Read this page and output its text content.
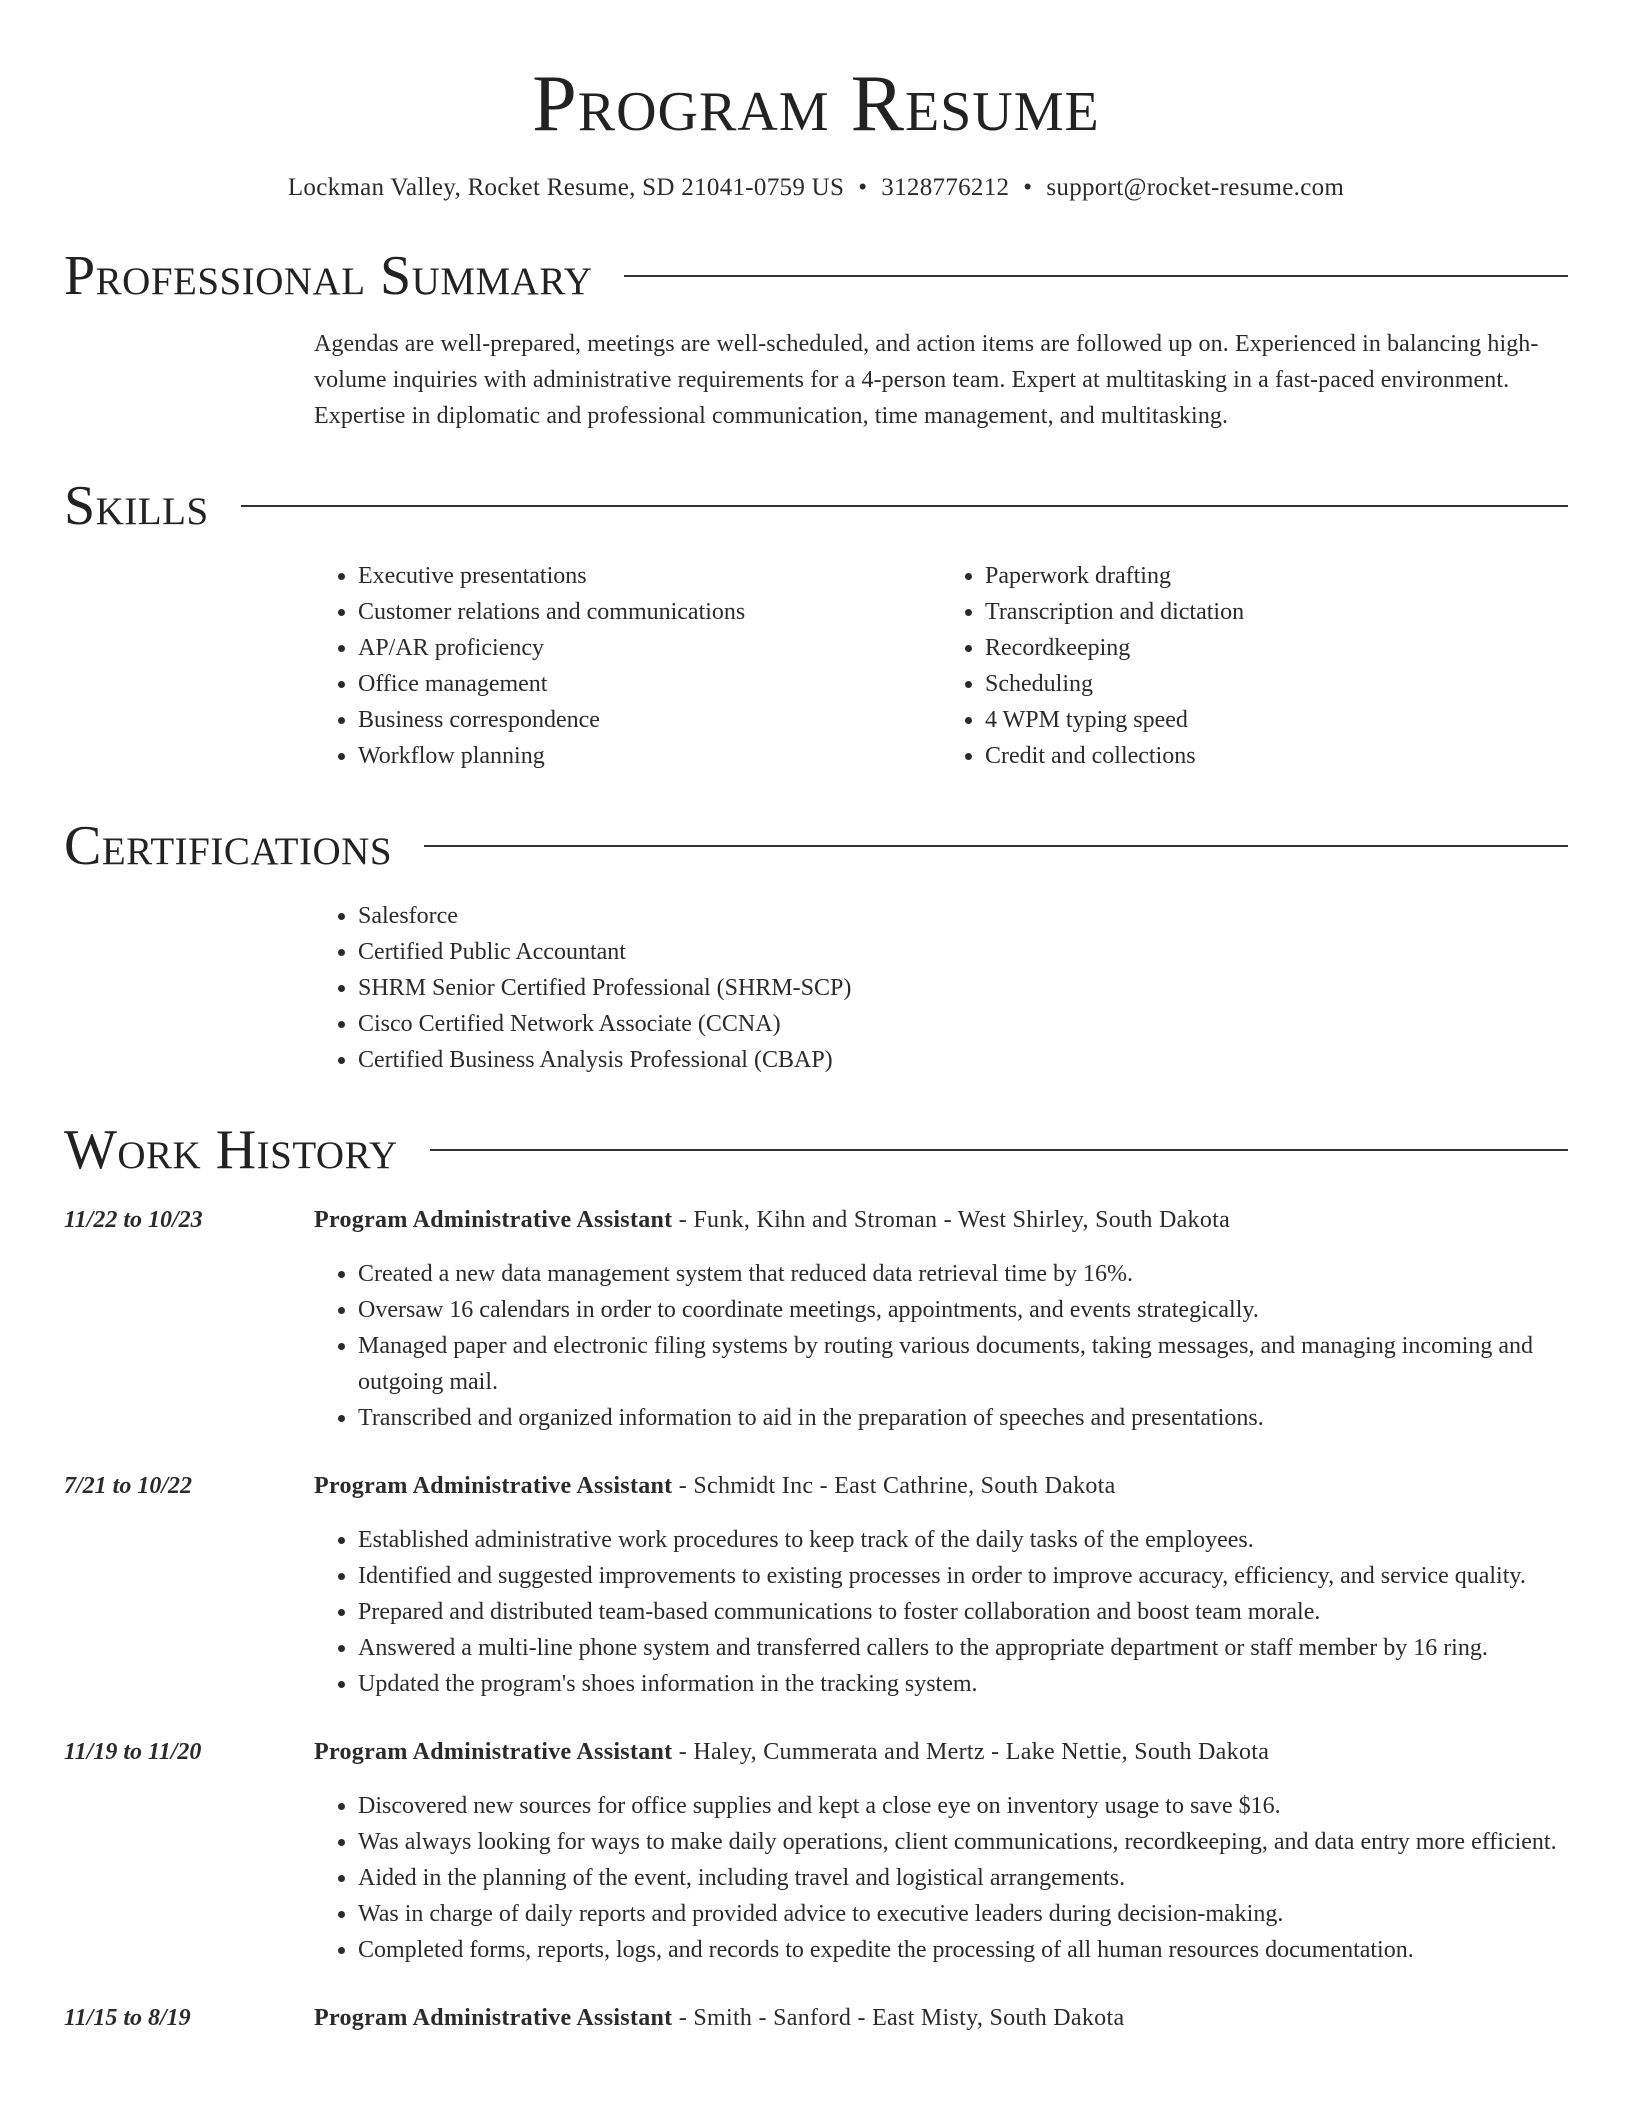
Program Resume
Lockman Valley, Rocket Resume, SD 21041-0759 US • 3128776212 • support@rocket-resume.com
Professional Summary
Agendas are well-prepared, meetings are well-scheduled, and action items are followed up on. Experienced in balancing high-volume inquiries with administrative requirements for a 4-person team. Expert at multitasking in a fast-paced environment. Expertise in diplomatic and professional communication, time management, and multitasking.
Skills
• Executive presentations
• Customer relations and communications
• AP/AR proficiency
• Office management
• Business correspondence
• Workflow planning
• Paperwork drafting
• Transcription and dictation
• Recordkeeping
• Scheduling
• 4 WPM typing speed
• Credit and collections
Certifications
• Salesforce
• Certified Public Accountant
• SHRM Senior Certified Professional (SHRM-SCP)
• Cisco Certified Network Associate (CCNA)
• Certified Business Analysis Professional (CBAP)
Work History
11/22 to 10/23	Program Administrative Assistant - Funk, Kihn and Stroman - West Shirley, South Dakota
• Created a new data management system that reduced data retrieval time by 16%.
• Oversaw 16 calendars in order to coordinate meetings, appointments, and events strategically.
• Managed paper and electronic filing systems by routing various documents, taking messages, and managing incoming and outgoing mail.
• Transcribed and organized information to aid in the preparation of speeches and presentations.
7/21 to 10/22	Program Administrative Assistant - Schmidt Inc - East Cathrine, South Dakota
• Established administrative work procedures to keep track of the daily tasks of the employees.
• Identified and suggested improvements to existing processes in order to improve accuracy, efficiency, and service quality.
• Prepared and distributed team-based communications to foster collaboration and boost team morale.
• Answered a multi-line phone system and transferred callers to the appropriate department or staff member by 16 ring.
• Updated the program's shoes information in the tracking system.
11/19 to 11/20	Program Administrative Assistant - Haley, Cummerata and Mertz - Lake Nettie, South Dakota
• Discovered new sources for office supplies and kept a close eye on inventory usage to save $16.
• Was always looking for ways to make daily operations, client communications, recordkeeping, and data entry more efficient.
• Aided in the planning of the event, including travel and logistical arrangements.
• Was in charge of daily reports and provided advice to executive leaders during decision-making.
• Completed forms, reports, logs, and records to expedite the processing of all human resources documentation.
11/15 to 8/19	Program Administrative Assistant - Smith - Sanford - East Misty, South Dakota
